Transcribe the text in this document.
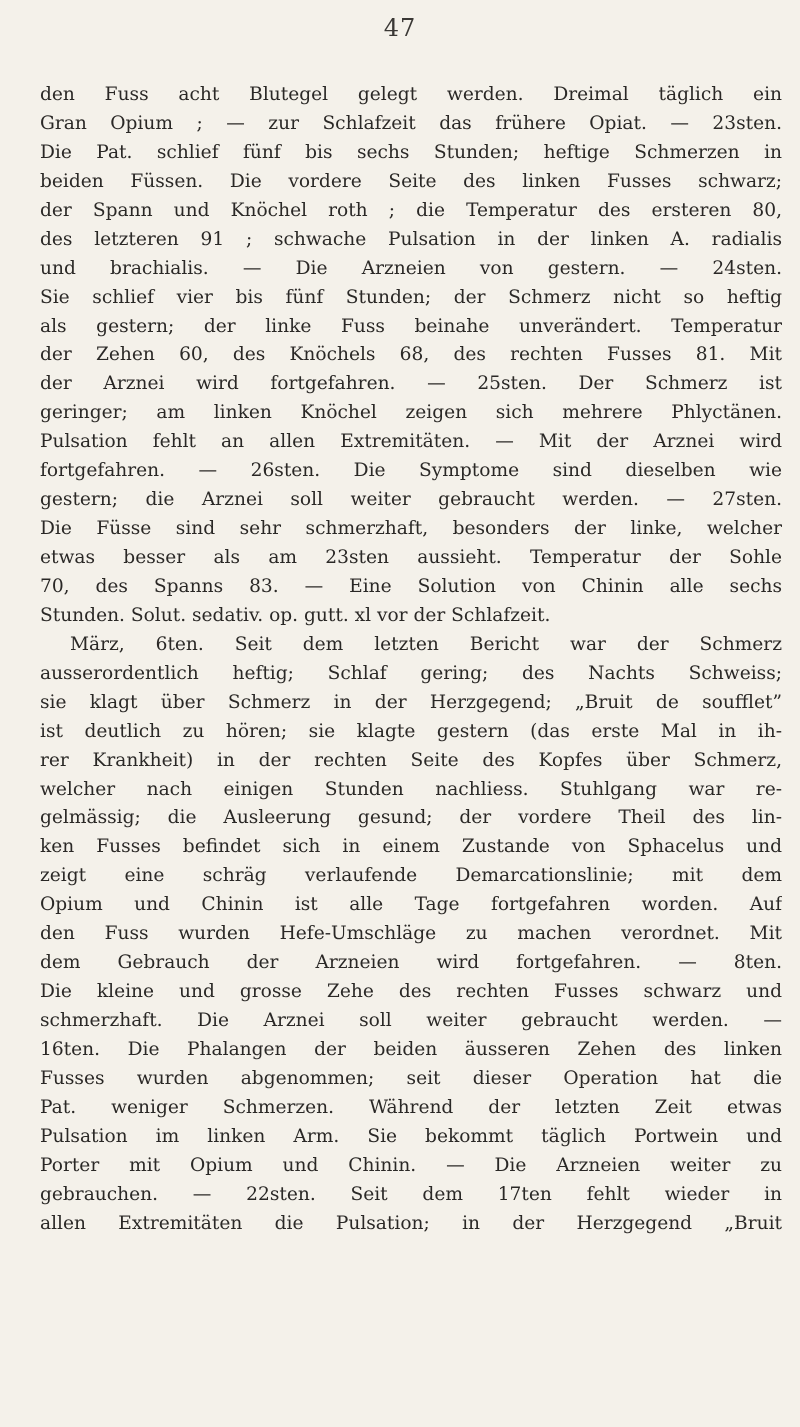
47
den Fuss acht Blutegel gelegt werden. Dreimal täglich ein
Gran Opium ; — zur Schlafzeit das frühere Opiat. — 23sten.
Die Pat. schlief fünf bis sechs Stunden; heftige Schmerzen in
beiden Füssen. Die vordere Seite des linken Fusses schwarz;
der Spann und Knöchel roth ; die Temperatur des ersteren 80,
des letzteren 91 ; schwache Pulsation in der linken A. radialis
und brachialis. — Die Arzneien von gestern. — 24sten.
Sie schlief vier bis fünf Stunden; der Schmerz nicht so heftig
als gestern; der linke Fuss beinahe unverändert. Temperatur
der Zehen 60, des Knöchels 68, des rechten Fusses 81. Mit
der Arznei wird fortgefahren. — 25sten. Der Schmerz ist
geringer; am linken Knöchel zeigen sich mehrere Phlyctänen.
Pulsation fehlt an allen Extremitäten. — Mit der Arznei wird
fortgefahren. — 26sten. Die Symptome sind dieselben wie
gestern; die Arznei soll weiter gebraucht werden. — 27sten.
Die Füsse sind sehr schmerzhaft, besonders der linke, welcher
etwas besser als am 23sten aussieht. Temperatur der Sohle
70, des Spanns 83. — Eine Solution von Chinin alle sechs
Stunden. Solut. sedativ. op. gutt. xl vor der Schlafzeit.
März, 6ten. Seit dem letzten Bericht war der Schmerz
ausserordentlich heftig; Schlaf gering; des Nachts Schweiss;
sie klagt über Schmerz in der Herzgegend; „Bruit de soufflet”
ist deutlich zu hören; sie klagte gestern (das erste Mal in ih-
rer Krankheit) in der rechten Seite des Kopfes über Schmerz,
welcher nach einigen Stunden nachliess. Stuhlgang war re-
gelmässig; die Ausleerung gesund; der vordere Theil des lin-
ken Fusses befindet sich in einem Zustande von Sphacelus und
zeigt eine schräg verlaufende Demarcationslinie; mit dem
Opium und Chinin ist alle Tage fortgefahren worden. Auf
den Fuss wurden Hefe-Umschläge zu machen verordnet. Mit
dem Gebrauch der Arzneien wird fortgefahren. — 8ten.
Die kleine und grosse Zehe des rechten Fusses schwarz und
schmerzhaft. Die Arznei soll weiter gebraucht werden. —
16ten. Die Phalangen der beiden äusseren Zehen des linken
Fusses wurden abgenommen; seit dieser Operation hat die
Pat. weniger Schmerzen. Während der letzten Zeit etwas
Pulsation im linken Arm. Sie bekommt täglich Portwein und
Porter mit Opium und Chinin. — Die Arzneien weiter zu
gebrauchen. — 22sten. Seit dem 17ten fehlt wieder in
allen Extremitäten die Pulsation; in der Herzgegend „Bruit
